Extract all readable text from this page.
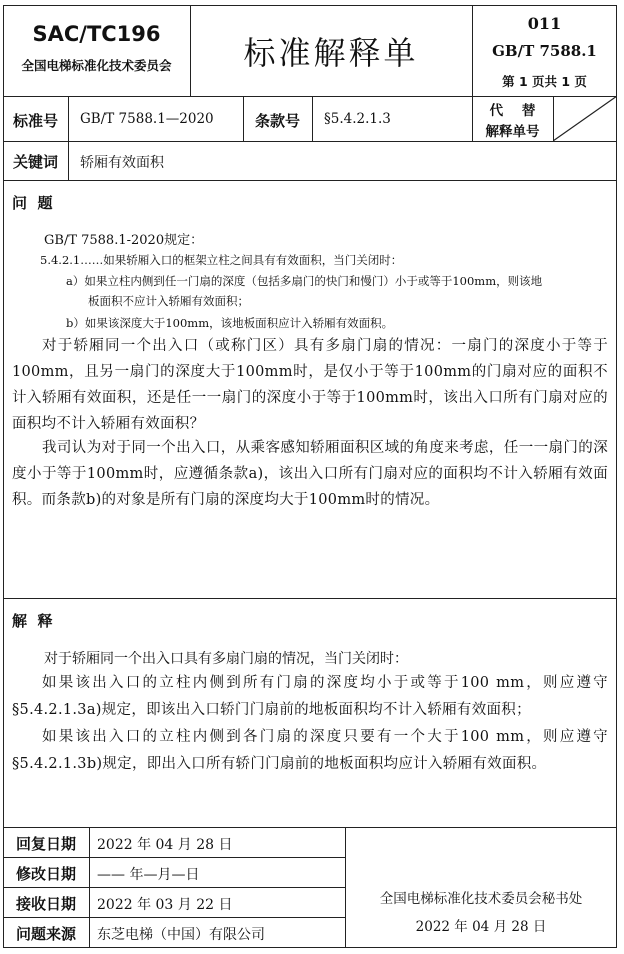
SAC/TC196
全国电梯标准化技术委员会	标准解释单
011
GB/T 7588.1
第 1 页共 1 页
标准号	GB/T 7588.1—2020	条款号	§5.4.2.1.3	代    替
解释单号
关键词	轿厢有效面积
问  题
GB/T 7588.1-2020规定：
5.4.2.1……如果轿厢入口的框架立柱之间具有有效面积，当门关闭时：
a）如果立柱内侧到任一门扇的深度（包括多扇门的快门和慢门）小于或等于100mm，则该地
板面积不应计入轿厢有效面积；
b）如果该深度大于100mm，该地板面积应计入轿厢有效面积。
对于轿厢同一个出入口（或称门区）具有多扇门扇的情况：一扇门的深度小于等于100mm，且另一扇门的深度大于100mm时，是仅小于等于100mm的门扇对应的面积不计入轿厢有效面积，还是任一一扇门的深度小于等于100mm时，该出入口所有门扇对应的面积均不计入轿厢有效面积？
我司认为对于同一个出入口，从乘客感知轿厢面积区域的角度来考虑，任一一扇门的深度小于等于100mm时，应遵循条款a)，该出入口所有门扇对应的面积均不计入轿厢有效面积。而条款b)的对象是所有门扇的深度均大于100mm时的情况。
解  释
对于轿厢同一个出入口具有多扇门扇的情况，当门关闭时：
如果该出入口的立柱内侧到所有门扇的深度均小于或等于100 mm，则应遵守§5.4.2.1.3a)规定，即该出入口轿门门扇前的地板面积均不计入轿厢有效面积；
如果该出入口的立柱内侧到各门扇的深度只要有一个大于100 mm，则应遵守§5.4.2.1.3b)规定，即出入口所有轿门门扇前的地板面积均应计入轿厢有效面积。
回复日期	2022 年 04 月 28 日
修改日期	—— 年—月—日
接收日期	2022 年 03 月 22 日
问题来源	东芝电梯（中国）有限公司
全国电梯标准化技术委员会秘书处
2022 年 04 月 28 日
